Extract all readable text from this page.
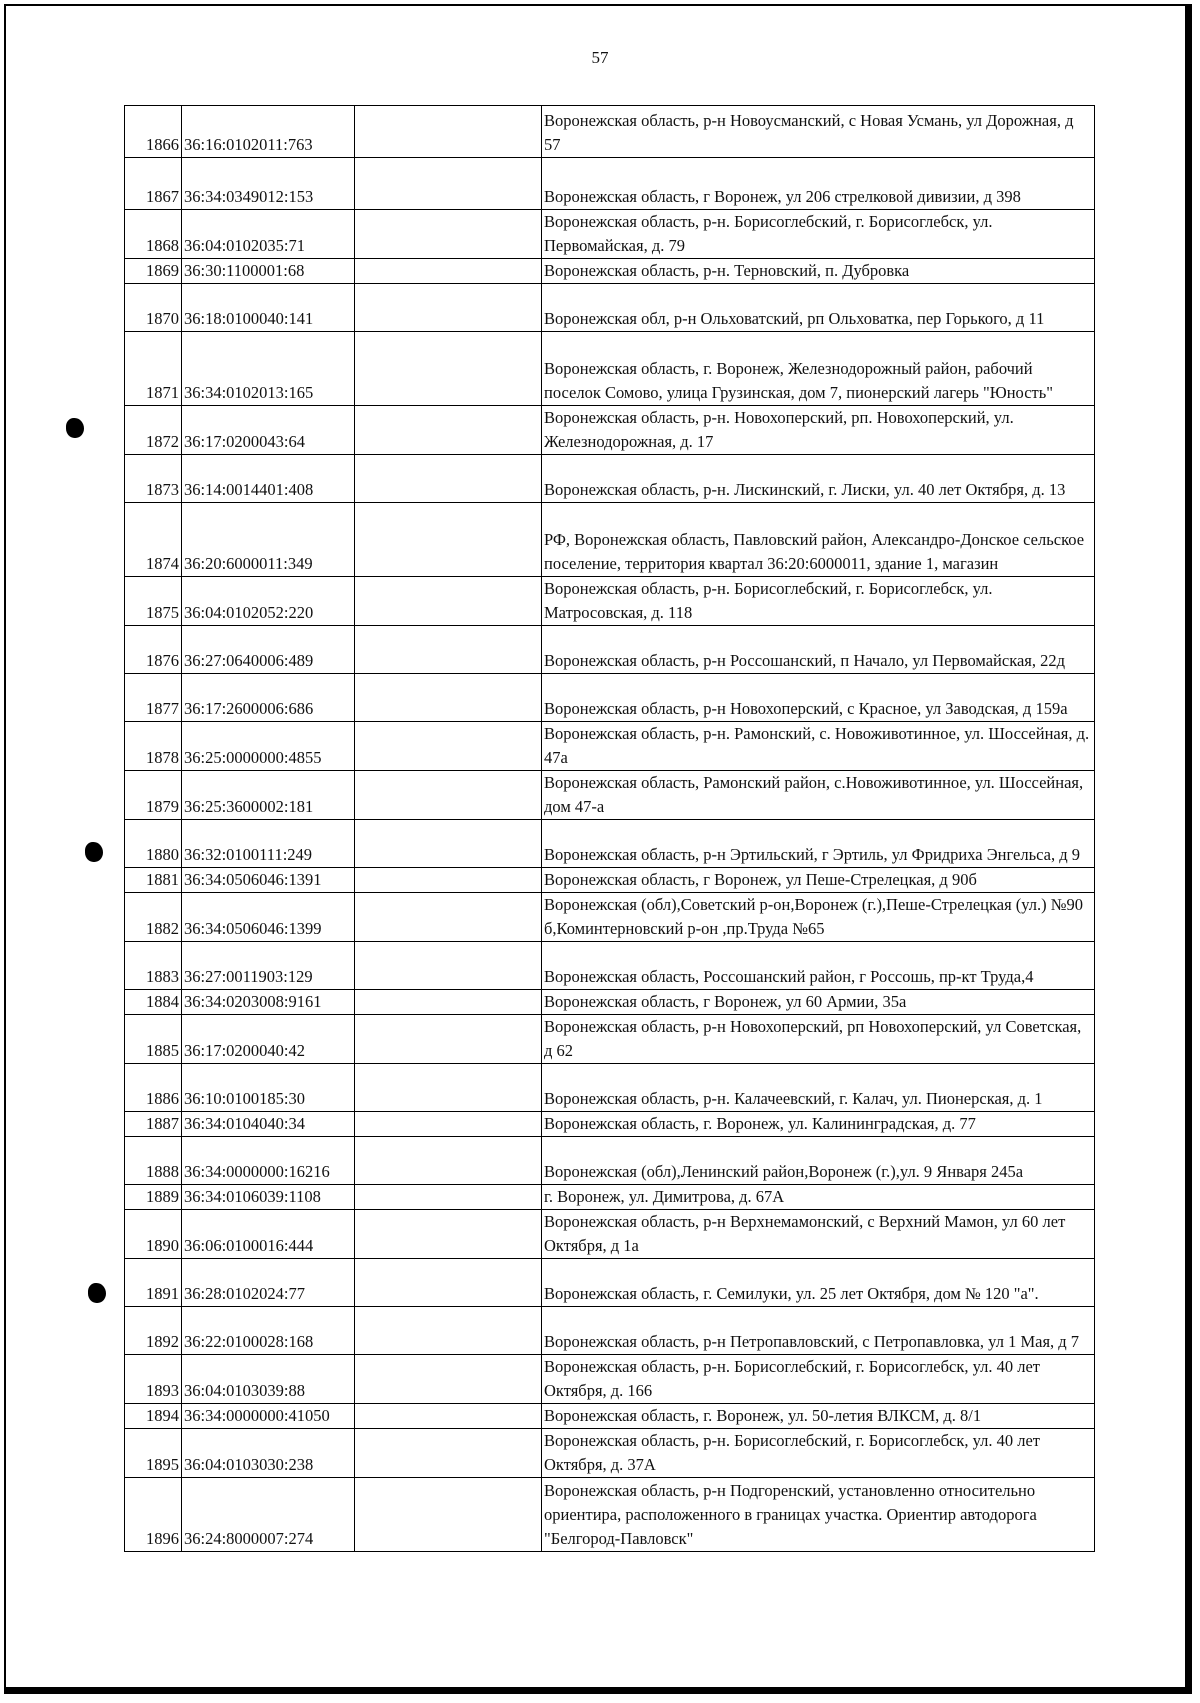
57
1866	36:16:0102011:763		Воронежская область, р-н Новоусманский, с Новая Усмань, ул Дорожная, д 57
1867	36:34:0349012:153		Воронежская область, г Воронеж, ул 206 стрелковой дивизии, д 398
1868	36:04:0102035:71		Воронежская область, р-н. Борисоглебский, г. Борисоглебск, ул. Первомайская, д. 79
1869	36:30:1100001:68		Воронежская область, р-н. Терновский, п. Дубровка
1870	36:18:0100040:141		Воронежская обл, р-н Ольховатский, рп Ольховатка, пер Горького, д 11
1871	36:34:0102013:165		Воронежская область, г. Воронеж, Железнодорожный район, рабочий поселок Сомово, улица Грузинская, дом 7, пионерский лагерь "Юность"
1872	36:17:0200043:64		Воронежская область, р-н. Новохоперский, рп. Новохоперский, ул. Железнодорожная, д. 17
1873	36:14:0014401:408		Воронежская область, р-н. Лискинский, г. Лиски, ул. 40 лет Октября, д. 13
1874	36:20:6000011:349		РФ, Воронежская область, Павловский район, Александро-Донское сельское поселение, территория квартал 36:20:6000011, здание 1, магазин
1875	36:04:0102052:220		Воронежская область, р-н. Борисоглебский, г. Борисоглебск, ул. Матросовская, д. 118
1876	36:27:0640006:489		Воронежская область, р-н Россошанский, п Начало, ул Первомайская, 22д
1877	36:17:2600006:686		Воронежская область, р-н Новохоперский, с Красное, ул Заводская, д 159а
1878	36:25:0000000:4855		Воронежская область, р-н. Рамонский, с. Новоживотинное, ул. Шоссейная, д. 47а
1879	36:25:3600002:181		Воронежская область, Рамонский район, с.Новоживотинное, ул. Шоссейная, дом 47-а
1880	36:32:0100111:249		Воронежская область, р-н Эртильский, г Эртиль, ул Фридриха Энгельса, д 9
1881	36:34:0506046:1391		Воронежская область, г Воронеж, ул Пеше-Стрелецкая, д 90б
1882	36:34:0506046:1399		Воронежская (обл),Советский р-он,Воронеж (г.),Пеше-Стрелецкая (ул.) №90 б,Коминтерновский р-он ,пр.Труда №65
1883	36:27:0011903:129		Воронежская область, Россошанский район, г Россошь, пр-кт Труда,4
1884	36:34:0203008:9161		Воронежская область, г Воронеж, ул 60 Армии, 35а
1885	36:17:0200040:42		Воронежская область, р-н Новохоперский, рп Новохоперский, ул Советская, д 62
1886	36:10:0100185:30		Воронежская область, р-н. Калачеевский, г. Калач, ул. Пионерская, д. 1
1887	36:34:0104040:34		Воронежская область, г. Воронеж, ул. Калининградская, д. 77
1888	36:34:0000000:16216		Воронежская (обл),Ленинский район,Воронеж (г.),ул. 9 Января 245а
1889	36:34:0106039:1108		г. Воронеж, ул. Димитрова, д. 67А
1890	36:06:0100016:444		Воронежская область, р-н Верхнемамонский, с Верхний Мамон, ул 60 лет Октября, д 1а
1891	36:28:0102024:77		Воронежская область, г. Семилуки, ул. 25 лет Октября, дом № 120 "а".
1892	36:22:0100028:168		Воронежская область, р-н Петропавловский, с Петропавловка, ул 1 Мая, д 7
1893	36:04:0103039:88		Воронежская область, р-н. Борисоглебский, г. Борисоглебск, ул. 40 лет Октября, д. 166
1894	36:34:0000000:41050		Воронежская область, г. Воронеж, ул. 50-летия ВЛКСМ, д. 8/1
1895	36:04:0103030:238		Воронежская область, р-н. Борисоглебский, г. Борисоглебск, ул. 40 лет Октября, д. 37А
1896	36:24:8000007:274		Воронежская область, р-н Подгоренский, установленно относительно ориентира, расположенного в границах участка. Ориентир автодорога "Белгород-Павловск"
